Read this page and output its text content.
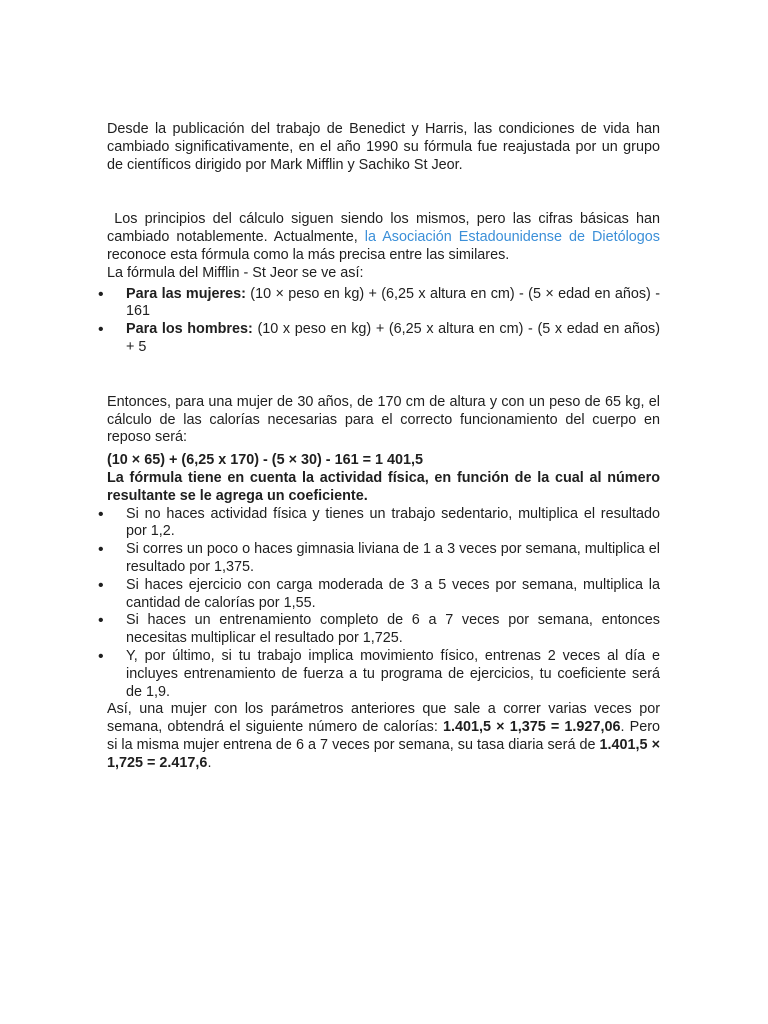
Desde la publicación del trabajo de Benedict y Harris, las condiciones de vida han cambiado significativamente, en el año 1990 su fórmula fue reajustada por un grupo de científicos dirigido por Mark Mifflin y Sachiko St Jeor.

Los principios del cálculo siguen siendo los mismos, pero las cifras básicas han cambiado notablemente. Actualmente, la Asociación Estadounidense de Dietólogos reconoce esta fórmula como la más precisa entre las similares.

La fórmula del Mifflin - St Jeor se ve así:

• Para las mujeres: (10 × peso en kg) + (6,25 x altura en cm) - (5 × edad en años) - 161
• Para los hombres: (10 x peso en kg) + (6,25 x altura en cm) - (5 x edad en años) + 5

Entonces, para una mujer de 30 años, de 170 cm de altura y con un peso de 65 kg, el cálculo de las calorías necesarias para el correcto funcionamiento del cuerpo en reposo será:

(10 × 65) + (6,25 x 170) - (5 × 30) - 161 = 1 401,5

La fórmula tiene en cuenta la actividad física, en función de la cual al número resultante se le agrega un coeficiente.

• Si no haces actividad física y tienes un trabajo sedentario, multiplica el resultado por 1,2.
• Si corres un poco o haces gimnasia liviana de 1 a 3 veces por semana, multiplica el resultado por 1,375.
• Si haces ejercicio con carga moderada de 3 a 5 veces por semana, multiplica la cantidad de calorías por 1,55.
• Si haces un entrenamiento completo de 6 a 7 veces por semana, entonces necesitas multiplicar el resultado por 1,725.
• Y, por último, si tu trabajo implica movimiento físico, entrenas 2 veces al día e incluyes entrenamiento de fuerza a tu programa de ejercicios, tu coeficiente será de 1,9.

Así, una mujer con los parámetros anteriores que sale a correr varias veces por semana, obtendrá el siguiente número de calorías: 1.401,5 × 1,375 = 1.927,06. Pero si la misma mujer entrena de 6 a 7 veces por semana, su tasa diaria será de 1.401,5 × 1,725 = 2.417,6.
